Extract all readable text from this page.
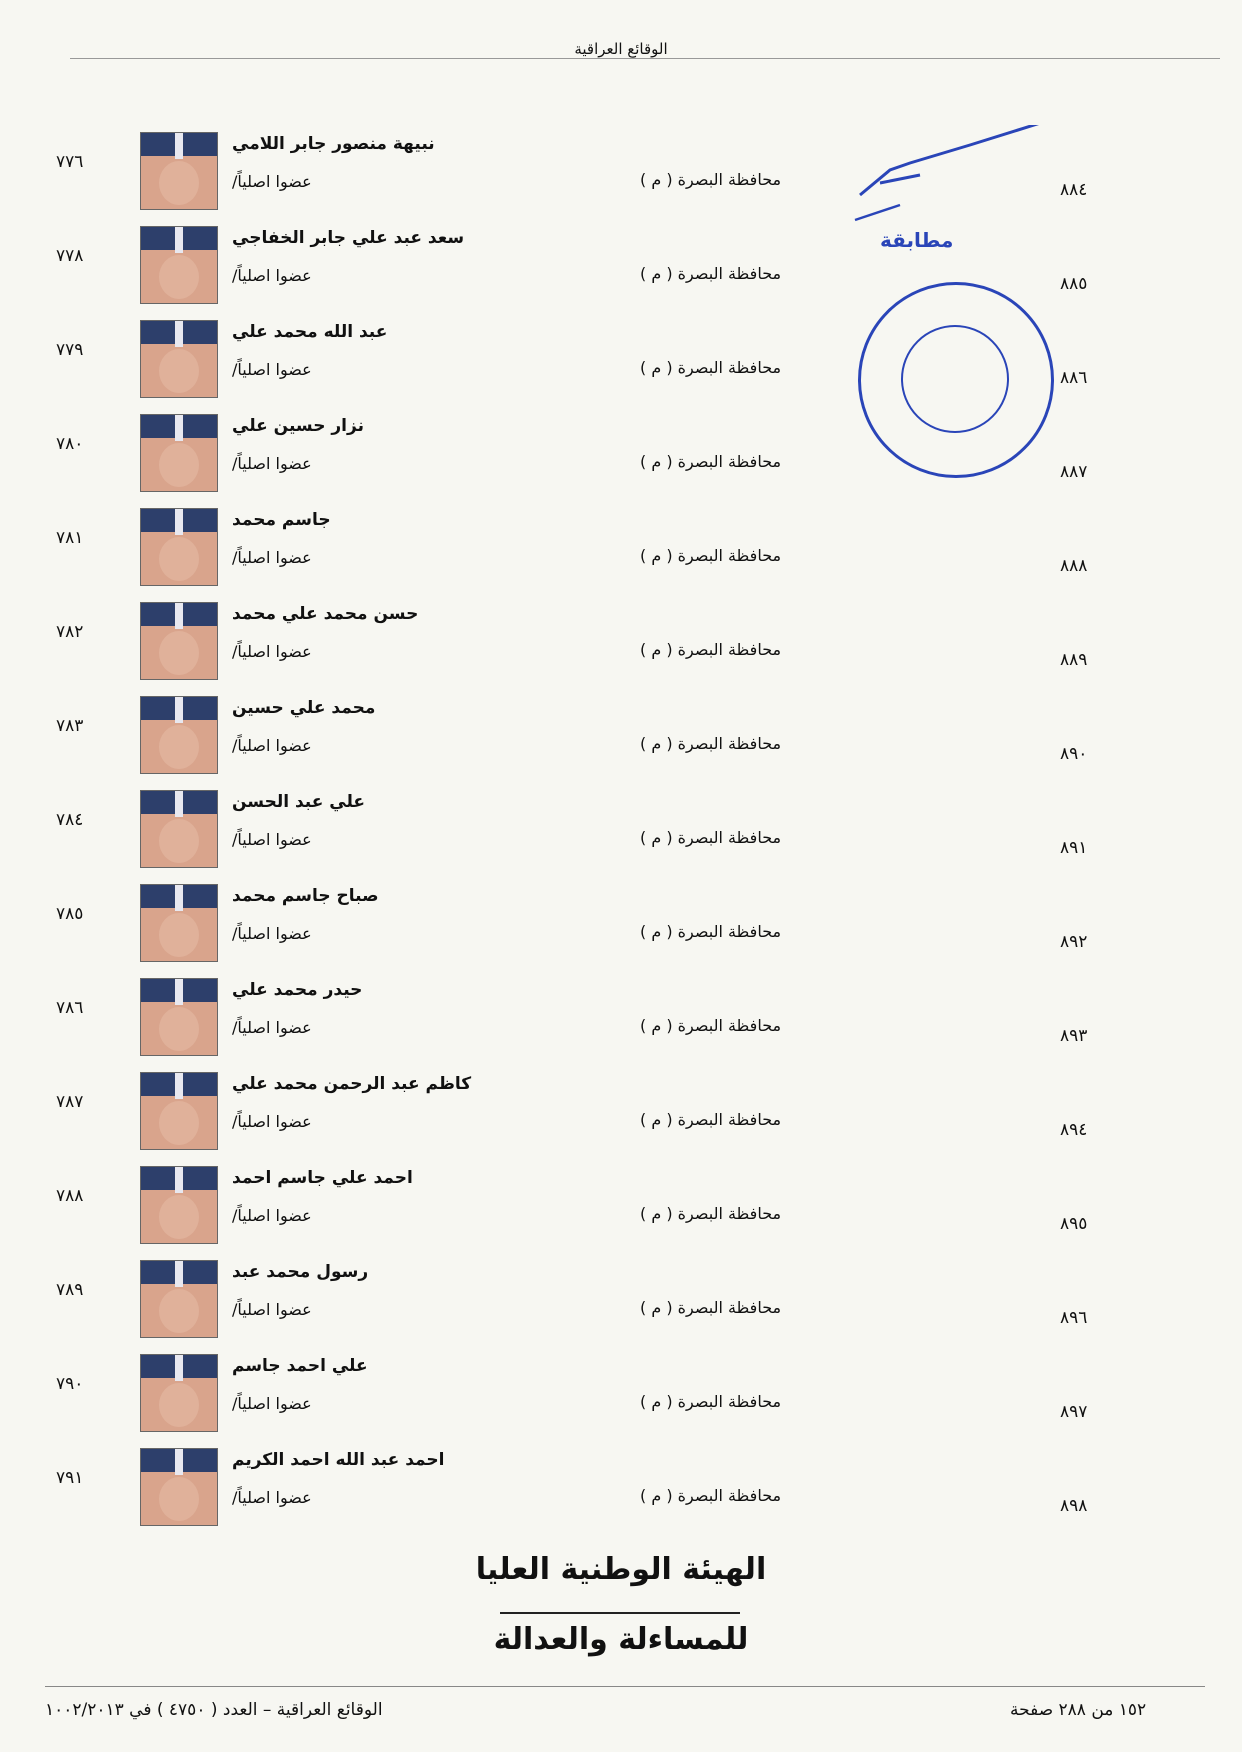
الوقائع العراقية
٧٧٦
نبيهة منصور جابر اللامي
/عضوا اصلياً	( م ) محافظة البصرة
٨٨٤
٧٧٨
سعد عبد علي جابر الخفاجي
/عضوا اصلياً	( م ) محافظة البصرة
٨٨٥
٧٧٩
عبد الله محمد علي
/عضوا اصلياً	( م ) محافظة البصرة
٨٨٦
٧٨٠
نزار حسين علي
/عضوا اصلياً	( م ) محافظة البصرة
٨٨٧
٧٨١
جاسم محمد
/عضوا اصلياً	( م ) محافظة البصرة
٨٨٨
٧٨٢
حسن محمد علي محمد
/عضوا اصلياً	( م ) محافظة البصرة
٨٨٩
٧٨٣
محمد علي حسين
/عضوا اصلياً	( م ) محافظة البصرة
٨٩٠
٧٨٤
علي عبد الحسن
/عضوا اصلياً	( م ) محافظة البصرة
٨٩١
٧٨٥
صباح جاسم محمد
/عضوا اصلياً	( م ) محافظة البصرة
٨٩٢
٧٨٦
حيدر محمد علي
/عضوا اصلياً	( م ) محافظة البصرة
٨٩٣
٧٨٧
كاظم عبد الرحمن محمد علي
/عضوا اصلياً	( م ) محافظة البصرة
٨٩٤
٧٨٨
احمد علي جاسم احمد
/عضوا اصلياً	( م ) محافظة البصرة
٨٩٥
٧٨٩
رسول محمد عبد
/عضوا اصلياً	( م ) محافظة البصرة
٨٩٦
٧٩٠
علي احمد جاسم
/عضوا اصلياً	( م ) محافظة البصرة
٨٩٧
٧٩١
احمد عبد الله احمد الكريم
/عضوا اصلياً	( م ) محافظة البصرة
٨٩٨
مطابقة
الهيئة الوطنية العليا
للمساءلة والعدالة
الوقائع العراقية – العدد ( ٤٧٥٠ ) في ١٠٠٢/٢٠١٣	١٥٢ من ٢٨٨ صفحة
